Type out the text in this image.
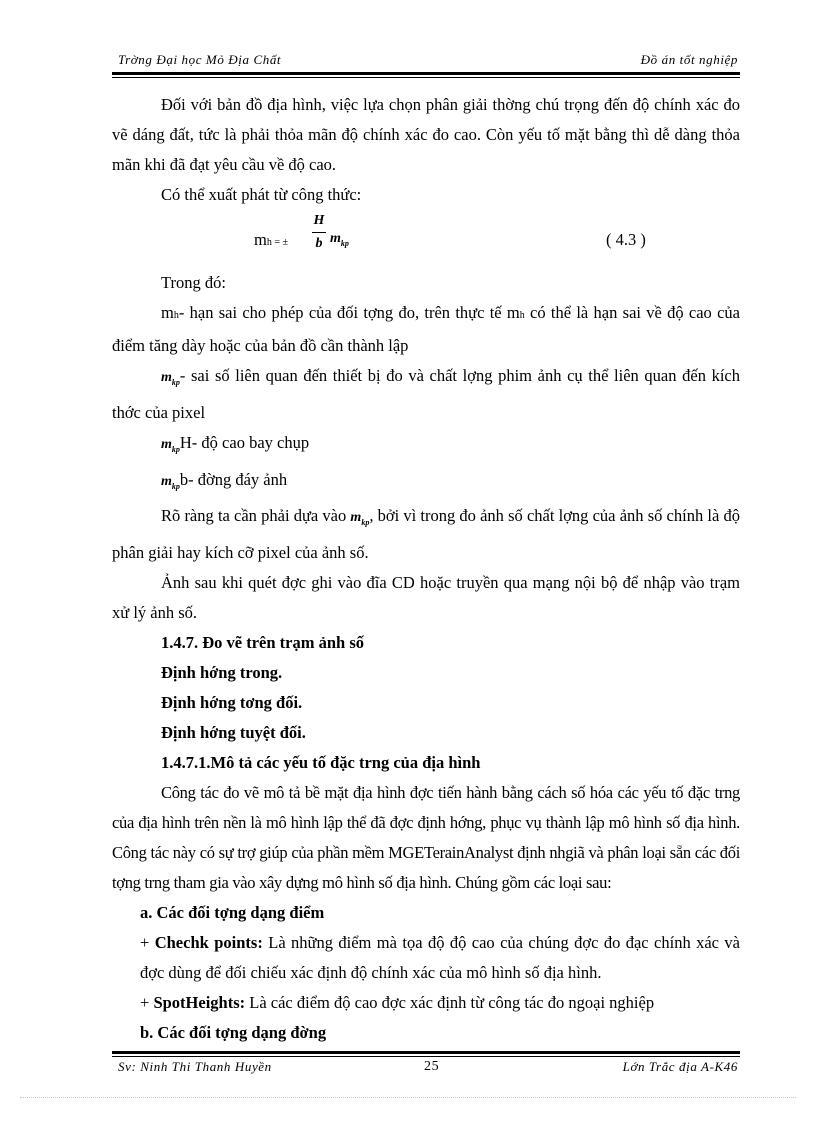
Trờng Đại học Mỏ Địa Chất	Đồ án tốt nghiệp

Đối với bản đồ địa hình, việc lựa chọn phân giải thờng chú trọng đến độ chính xác đo vẽ dáng đất, tức là phải thỏa mãn độ chính xác đo cao. Còn yếu tố mặt bằng thì dễ dàng thỏa mãn khi đã đạt yêu cầu về độ cao.

Có thể xuất phát từ công thức:

mh = ±
H
b $m_{kp}$	( 4.3 )

Trong đó:

mh- hạn sai cho phép của đối tợng đo, trên thực tế mh có thể là hạn sai về độ cao của điểm tăng dày hoặc của bản đồ cần thành lập

$m_{kp}-$ sai số liên quan đến thiết bị đo và chất lợng phim ảnh cụ thể liên quan đến kích thớc của pixel

$m_{kp}H-$ độ cao bay chụp

$m_{kp}b-$ đờng đáy ảnh

Rõ ràng ta cần phải dựa vào $m_{kp}$, bởi vì trong đo ảnh số chất lợng của ảnh số chính là độ phân giải hay kích cỡ pixel của ảnh số.

Ảnh sau khi quét đợc ghi vào đĩa CD hoặc truyền qua mạng nội bộ để nhập vào trạm xử lý ảnh số.

1.4.7. Đo vẽ trên trạm ảnh số

Định hớng trong.

Định hớng tơng đối.

Định hớng tuyệt đối.

1.4.7.1.Mô tả các yếu tố đặc trng của địa hình

Công tác đo vẽ mô tả bề mặt địa hình đợc tiến hành bằng cách số hóa các yếu tố đặc trng của địa hình trên nền là mô hình lập thể đã đợc định hớng, phục vụ thành lập mô hình số địa hình. Công tác này có sự trợ giúp của phần mềm MGETerainAnalyst định nhgiã và phân loại sẵn các đối tợng trng tham gia vào xây dựng mô hình số địa hình. Chúng gồm các loại sau:

a. Các đối tợng dạng điểm

+ Chechk points: Là những điểm mà tọa độ độ cao của chúng đợc đo đạc chính xác và đợc dùng để đối chiếu xác định độ chính xác của mô hình số địa hình.

+ SpotHeights: Là các điểm độ cao đợc xác định từ công tác đo ngoại nghiệp

b. Các đối tợng dạng đờng

Sv: Ninh Thi Thanh Huyền	25	Lớn Trắc địa A-K46
